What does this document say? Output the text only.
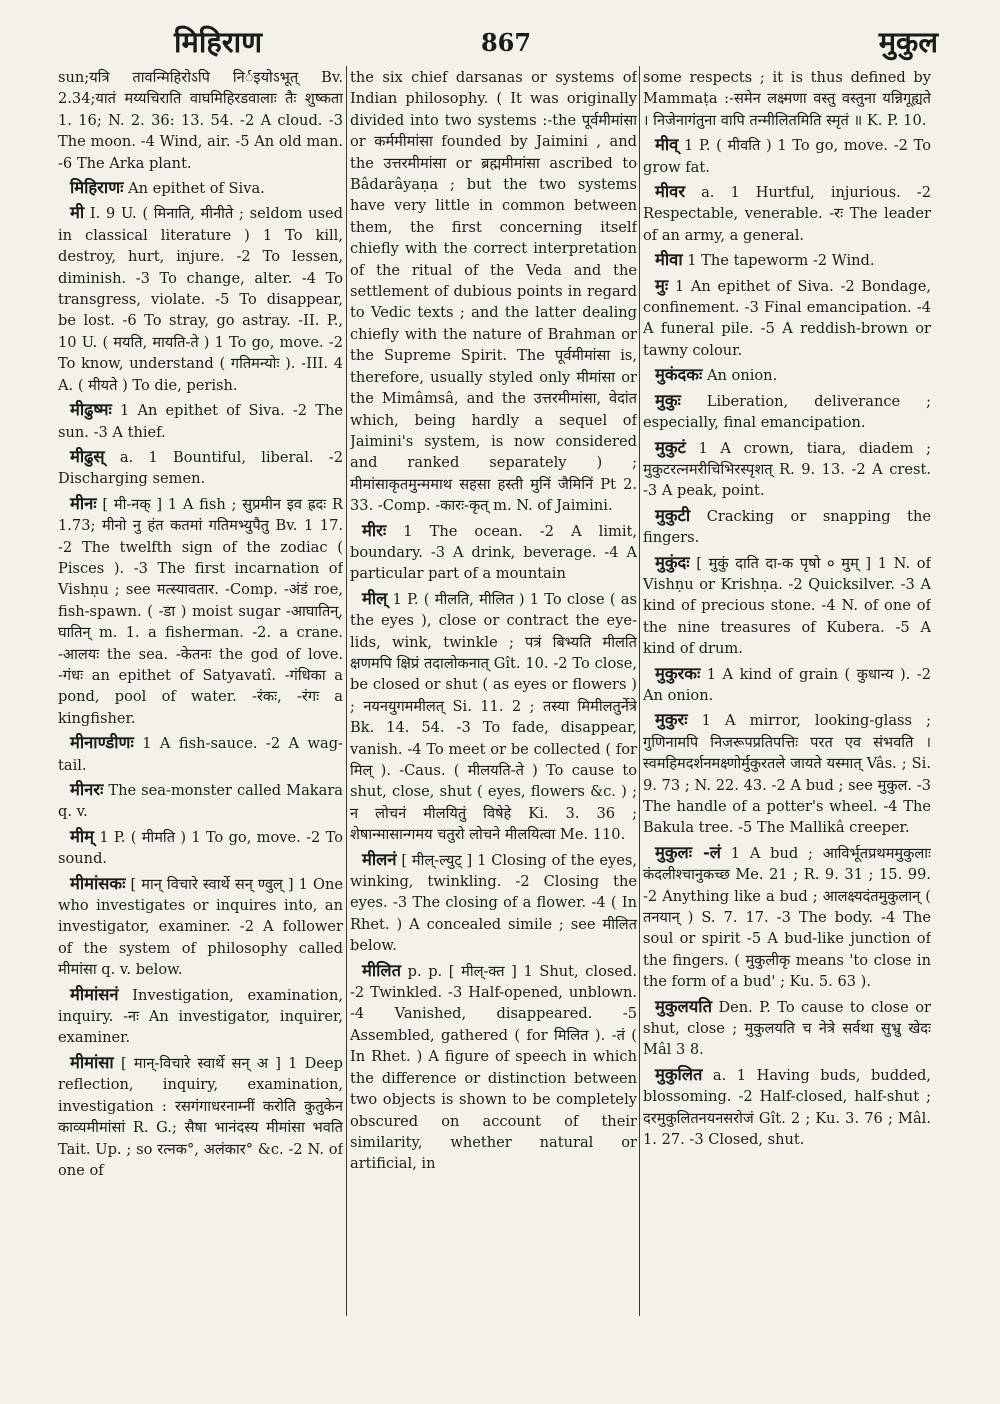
मिहिराण	867	मुकुल

sun;यत्रि तावन्मिहिरोऽपि निर्इयोऽभूत् Bv. 2.34;यातं मय्यचिराति वाघमिहिरडवालाः तैः शुष्कता 1. 16; N. 2. 36: 13. 54. -2 A cloud. -3 The moon. -4 Wind, air. -5 An old man. -6 The Arka plant.

मिहिराणः An epithet of Siva.

मी I. 9 U. ( मिनाति, मीनीते ; seldom used in classical literature ) 1 To kill, destroy, hurt, injure. -2 To lessen, diminish. -3 To change, alter. -4 To transgress, violate. -5 To disappear, be lost. -6 To stray, go astray. -II. P., 10 U. ( मयति, मायति-ते ) 1 To go, move. -2 To know, understand ( गतिमन्योः ). -III. 4 A. ( मीयते ) To die, perish.

मीढुष्मः 1 An epithet of Siva. -2 The sun. -3 A thief.

मीढुस् a. 1 Bountiful, liberal. -2 Discharging semen.

मीनः [ मी-नक् ] 1 A fish ; सुप्रमीन इव ह्रदः R 1.73; मीनो नु हंत कतमां गतिमभ्युपैतु Bv. 1 17. -2 The twelfth sign of the zodiac ( Pisces ). -3 The first incarnation of Vishṇu ; see मत्स्यावतार. -Comp. -अंडं roe, fish-spawn. ( -डा ) moist sugar -आघातिन्, घातिन् m. 1. a fisherman. -2. a crane. -आलयः the sea. -केतनः the god of love. -गंधः an epithet of Satyavatî. -गंधिका a pond, pool of water. -रंकः, -रंगः a kingfisher.

मीनाण्डीणः 1 A fish-sauce. -2 A wag-tail.

मीनरः The sea-monster called Makara q. v.

मीम् 1 P. ( मीमति ) 1 To go, move. -2 To sound.

मीमांसकः [ मान् विचारे स्वार्थे सन् ण्वुल् ] 1 One who investigates or inquires into, an investigator, examiner. -2 A follower of the system of philosophy called मीमांसा q. v. below.

मीमांसनं Investigation, examination, inquiry. -नः An investigator, inquirer, examiner.

मीमांसा [ मान्-विचारे स्वार्थे सन् अ ] 1 Deep reflection, inquiry, examination, investigation : रसगंगाधरनाम्नीं करोति कुतुकेन काव्यमीमांसां R. G.; सैषा भानंदस्य मीमांसा भवति Tait. Up. ; so रत्नक°, अलंकार° &c. -2 N. of one of

the six chief darsanas or systems of Indian philosophy. ( It was originally divided into two systems :-the पूर्वमीमांसा or कर्ममीमांसा founded by Jaimini , and the उत्तरमीमांसा or ब्रह्ममीमांसा ascribed to Bâdarâyaṇa ; but the two systems have very little in common between them, the first concerning itself chiefly with the correct interpretation of the ritual of the Veda and the settlement of dubious points in regard to Vedic texts ; and the latter dealing chiefly with the nature of Brahman or the Supreme Spirit. The पूर्वमीमांसा is, therefore, usually styled only मीमांसा or the Mimâmsâ, and the उत्तरमीमांसा, वेदांत which, being hardly a sequel of Jaimini's system, is now considered and ranked separately ) ; मीमांसाकृतमुन्ममाथ सहसा हस्ती मुनिं जैमिनिं Pt 2. 33. -Comp. -कारः-कृत् m. N. of Jaimini.

मीरः 1 The ocean. -2 A limit, boundary. -3 A drink, beverage. -4 A particular part of a mountain

मील् 1 P. ( मीलति, मीलित ) 1 To close ( as the eyes ), close or contract the eye-lids, wink, twinkle ; पत्रं बिभ्यति मीलति क्षणमपि क्षिप्रं तदालोकनात् Gît. 10. -2 To close, be closed or shut ( as eyes or flowers ) ; नयनयुगममीलत् Si. 11. 2 ; तस्या मिमीलतुर्नेत्रे Bk. 14. 54. -3 To fade, disappear, vanish. -4 To meet or be collected ( for मिल् ). -Caus. ( मीलयति-ते ) To cause to shut, close, shut ( eyes, flowers &c. ) ; न लोचनं मीलयितुं विषेहे Ki. 3. 36 ; शेषान्मासान्गमय चतुरो लोचने मीलयित्वा Me. 110.

मीलनं [ मील्-ल्युट् ] 1 Closing of the eyes, winking, twinkling. -2 Closing the eyes. -3 The closing of a flower. -4 ( In Rhet. ) A concealed simile ; see मीलित below.

मीलित p. p. [ मील्-क्त ] 1 Shut, closed. -2 Twinkled. -3 Half-opened, unblown. -4 Vanished, disappeared. -5 Assembled, gathered ( for मिलित ). -तं ( In Rhet. ) A figure of speech in which the difference or distinction between two objects is shown to be completely obscured on account of their similarity, whether natural or artificial, in

some respects ; it is thus defined by Mammaṭa :-समेन लक्ष्मणा वस्तु वस्तुना यन्निगूह्यते । निजेनागंतुना वापि तन्मीलितमिति स्मृतं ॥ K. P. 10.

मीव् 1 P. ( मीवति ) 1 To go, move. -2 To grow fat.

मीवर a. 1 Hurtful, injurious. -2 Respectable, venerable. -रः The leader of an army, a general.

मीवा 1 The tapeworm -2 Wind.

मुः 1 An epithet of Siva. -2 Bondage, confinement. -3 Final emancipation. -4 A funeral pile. -5 A reddish-brown or tawny colour.

मुकंदकः An onion.

मुकुः Liberation, deliverance ; especially, final emancipation.

मुकुटं 1 A crown, tiara, diadem ; मुकुटरत्नमरीचिभिरस्पृशत् R. 9. 13. -2 A crest. -3 A peak, point.

मुकुटी Cracking or snapping the fingers.

मुकुंदः [ मुकुं दाति दा-क पृषो ० मुम् ] 1 N. of Vishṇu or Krishṇa. -2 Quicksilver. -3 A kind of precious stone. -4 N. of one of the nine treasures of Kubera. -5 A kind of drum.

मुकुरकः 1 A kind of grain ( कुधान्य ). -2 An onion.

मुकुरः 1 A mirror, looking-glass ; गुणिनामपि निजरूपप्रतिपत्तिः परत एव संभवति । स्वमहिमदर्शनमक्ष्णोर्मुकुरतले जायते यस्मात् Vâs. ; Si. 9. 73 ; N. 22. 43. -2 A bud ; see मुकुल. -3 The handle of a potter's wheel. -4 The Bakula tree. -5 The Mallikâ creeper.

मुकुलः -लं 1 A bud ; आविर्भूतप्रथममुकुलाः कंदलीश्चानुकच्छ Me. 21 ; R. 9. 31 ; 15. 99. -2 Anything like a bud ; आलक्ष्यदंतमुकुलान् ( तनयान् ) S. 7. 17. -3 The body. -4 The soul or spirit -5 A bud-like junction of the fingers. ( मुकुलीकृ means 'to close in the form of a bud' ; Ku. 5. 63 ).

मुकुलयति Den. P. To cause to close or shut, close ; मुकुलयति च नेत्रे सर्वथा सुभ्रु खेदः Mâl 3 8.

मुकुलित a. 1 Having buds, budded, blossoming. -2 Half-closed, half-shut ; दरमुकुलितनयनसरोजं Gît. 2 ; Ku. 3. 76 ; Mâl. 1. 27. -3 Closed, shut.
